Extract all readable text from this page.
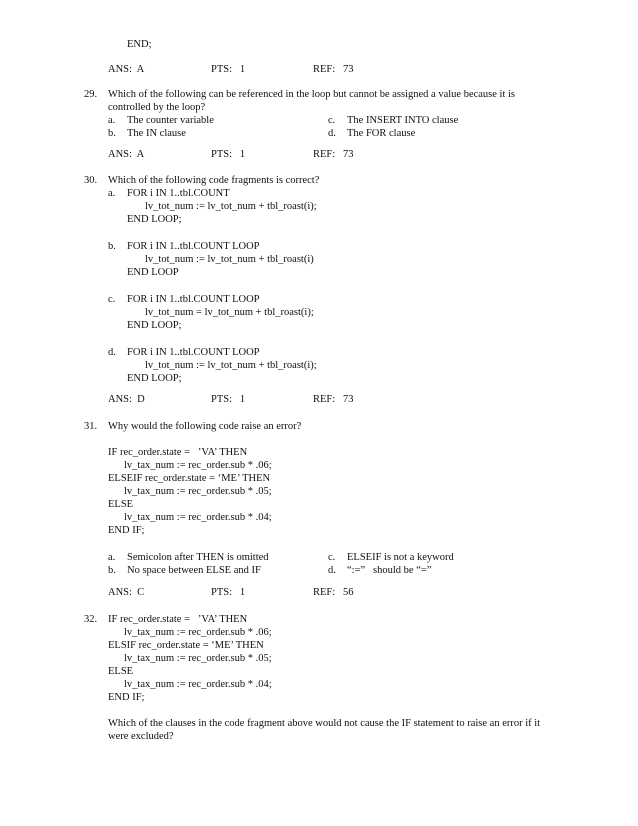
END;
ANS:  A	PTS:   1	REF:   73
29. Which of the following can be referenced in the loop but cannot be assigned a value because it is
controlled by the loop?
a. The counter variable
b. The IN clause
c. The INSERT INTO clause
d. The FOR clause
ANS:  A	PTS:   1	REF:   73
30. Which of the following code fragments is correct?
a. FOR i IN 1..tbl.COUNT
lv_tot_num := lv_tot_num + tbl_roast(i);
END LOOP;
b. FOR i IN 1..tbl.COUNT LOOP
lv_tot_num := lv_tot_num + tbl_roast(i)
END LOOP
c. FOR i IN 1..tbl.COUNT LOOP
lv_tot_num = lv_tot_num + tbl_roast(i);
END LOOP;
d. FOR i IN 1..tbl.COUNT LOOP
lv_tot_num := lv_tot_num + tbl_roast(i);
END LOOP;
ANS:  D	PTS:   1	REF:   73
31. Why would the following code raise an error?
IF rec_order.state =   ’VA’ THEN
lv_tax_num := rec_order.sub * .06;
ELSEIF rec_order.state = ‘ME’ THEN
lv_tax_num := rec_order.sub * .05;
ELSE
lv_tax_num := rec_order.sub * .04;
END IF;
a. Semicolon after THEN is omitted
b. No space between ELSE and IF
c. ELSEIF is not a keyword
d. “:=”   should be “=”
ANS:  C	PTS:   1	REF:   56
32. IF rec_order.state =   ’VA’ THEN
lv_tax_num := rec_order.sub * .06;
ELSIF rec_order.state = ‘ME’ THEN
lv_tax_num := rec_order.sub * .05;
ELSE
lv_tax_num := rec_order.sub * .04;
END IF;
Which of the clauses in the code fragment above would not cause the IF statement to raise an error if it
were excluded?
